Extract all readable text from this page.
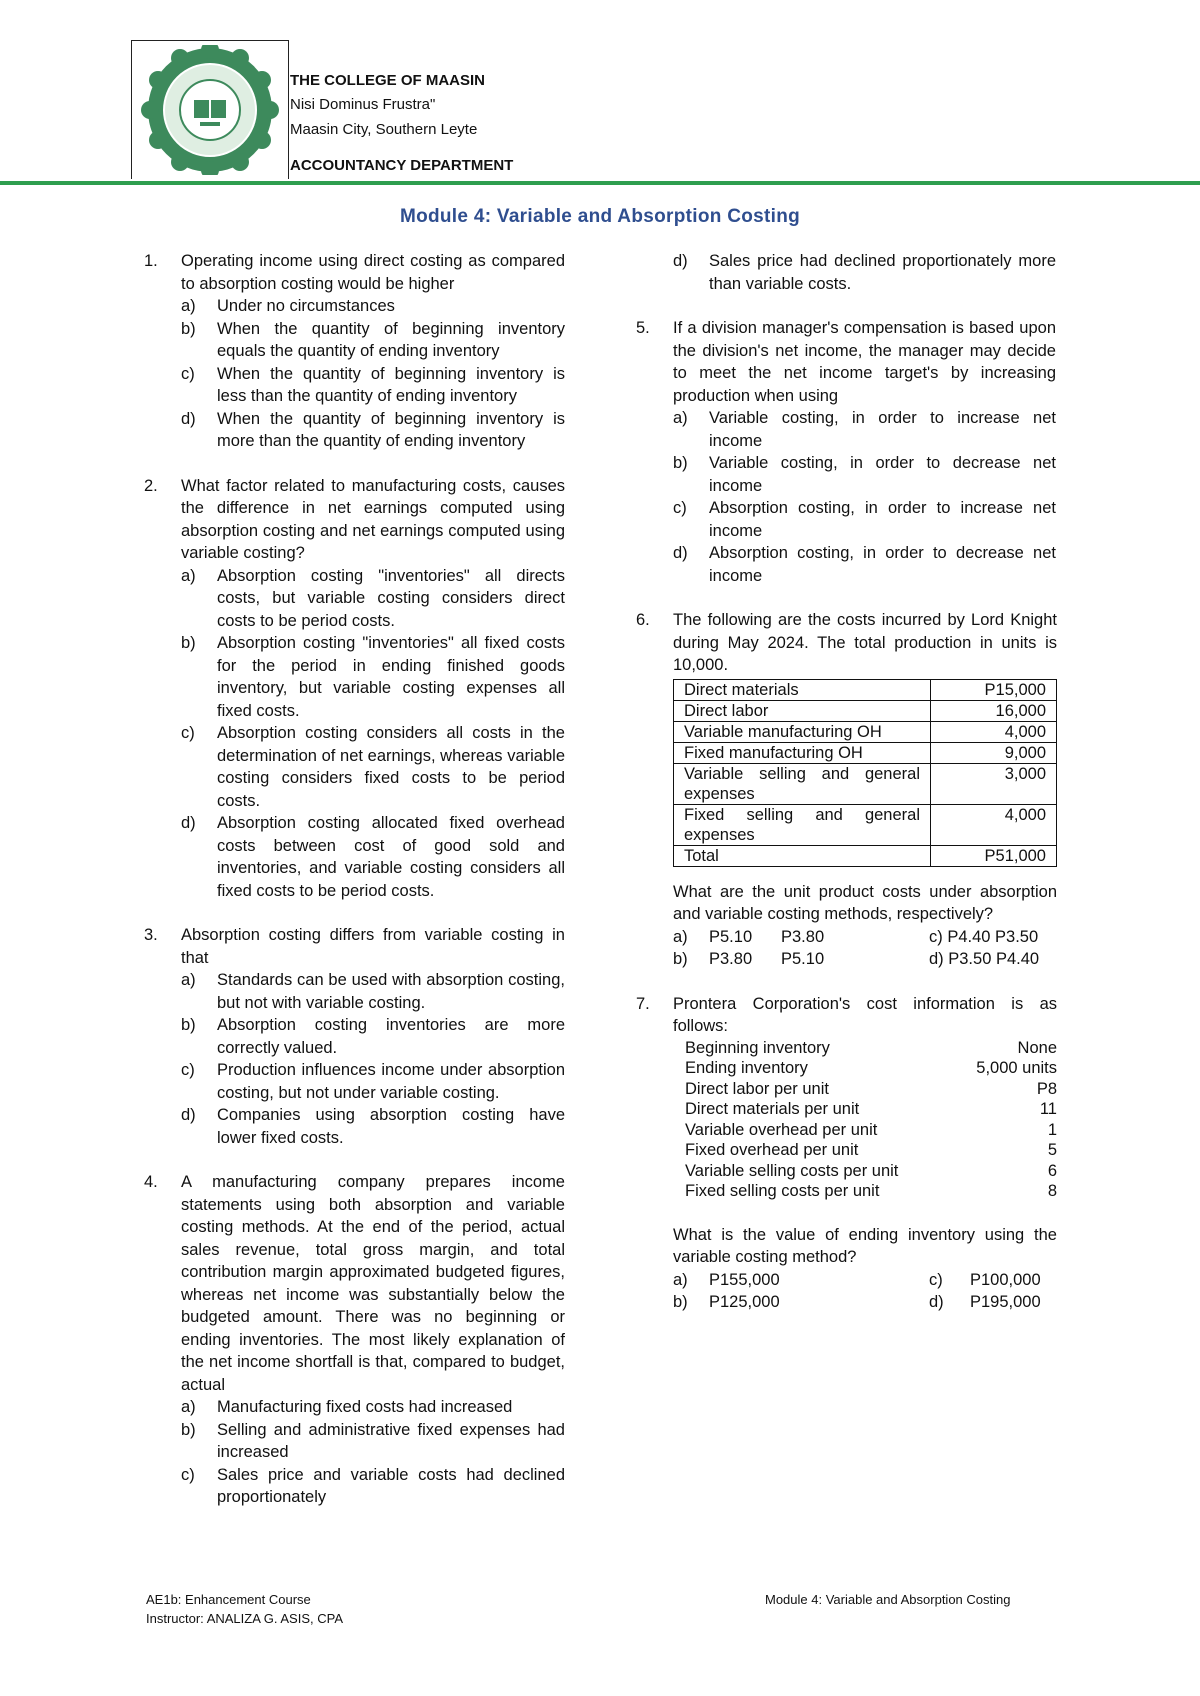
THE COLLEGE OF MAASIN
Nisi Dominus Frustra"
Maasin City, Southern Leyte
ACCOUNTANCY DEPARTMENT
Module 4: Variable and Absorption Costing
1.	Operating income using direct costing as compared to absorption costing would be higher
a)	Under no circumstances
b)	When the quantity of beginning inventory equals the quantity of ending inventory
c)	When the quantity of beginning inventory is less than the quantity of ending inventory
d)	When the quantity of beginning inventory is more than the quantity of ending inventory
2.	What factor related to manufacturing costs, causes the difference in net earnings computed using absorption costing and net earnings computed using variable costing?
a)	Absorption costing "inventories" all directs costs, but variable costing considers direct costs to be period costs.
b)	Absorption costing "inventories" all fixed costs for the period in ending finished goods inventory, but variable costing expenses all fixed costs.
c)	Absorption costing considers all costs in the determination of net earnings, whereas variable costing considers fixed costs to be period costs.
d)	Absorption costing allocated fixed overhead costs between cost of good sold and inventories, and variable costing considers all fixed costs to be period costs.
3.	Absorption costing differs from variable costing in that
a)	Standards can be used with absorption costing, but not with variable costing.
b)	Absorption costing inventories are more correctly valued.
c)	Production influences income under absorption costing, but not under variable costing.
d)	Companies using absorption costing have lower fixed costs.
4.	A manufacturing company prepares income statements using both absorption and variable costing methods. At the end of the period, actual sales revenue, total gross margin, and total contribution margin approximated budgeted figures, whereas net income was substantially below the budgeted amount. There was no beginning or ending inventories. The most likely explanation of the net income shortfall is that, compared to budget, actual
a)	Manufacturing fixed costs had increased
b)	Selling and administrative fixed expenses had increased
c)	Sales price and variable costs had declined proportionately
d)	Sales price had declined proportionately more than variable costs.
5.	If a division manager's compensation is based upon the division's net income, the manager may decide to meet the net income target's by increasing production when using
a)	Variable costing, in order to increase net income
b)	Variable costing, in order to decrease net income
c)	Absorption costing, in order to increase net income
d)	Absorption costing, in order to decrease net income
6.	The following are the costs incurred by Lord Knight during May 2024. The total production in units is 10,000.
Direct materials	P15,000
Direct labor	16,000
Variable manufacturing OH	4,000
Fixed manufacturing OH	9,000
Variable selling and general expenses	3,000
Fixed selling and general expenses	4,000
Total	P51,000
What are the unit product costs under absorption and variable costing methods, respectively?
a)	P5.10	P3.80	c) P4.40 P3.50
b)	P3.80	P5.10	d) P3.50 P4.40
7.	Prontera Corporation's cost information is as follows:
Beginning inventory	None
Ending inventory	5,000 units
Direct labor per unit	P8
Direct materials per unit	11
Variable overhead per unit	1
Fixed overhead per unit	5
Variable selling costs per unit	6
Fixed selling costs per unit	8
What is the value of ending inventory using the variable costing method?
a)	P155,000	c)	P100,000
b)	P125,000	d)	P195,000
AE1b: Enhancement Course
Instructor: ANALIZA G. ASIS, CPA
Module 4: Variable and Absorption Costing
